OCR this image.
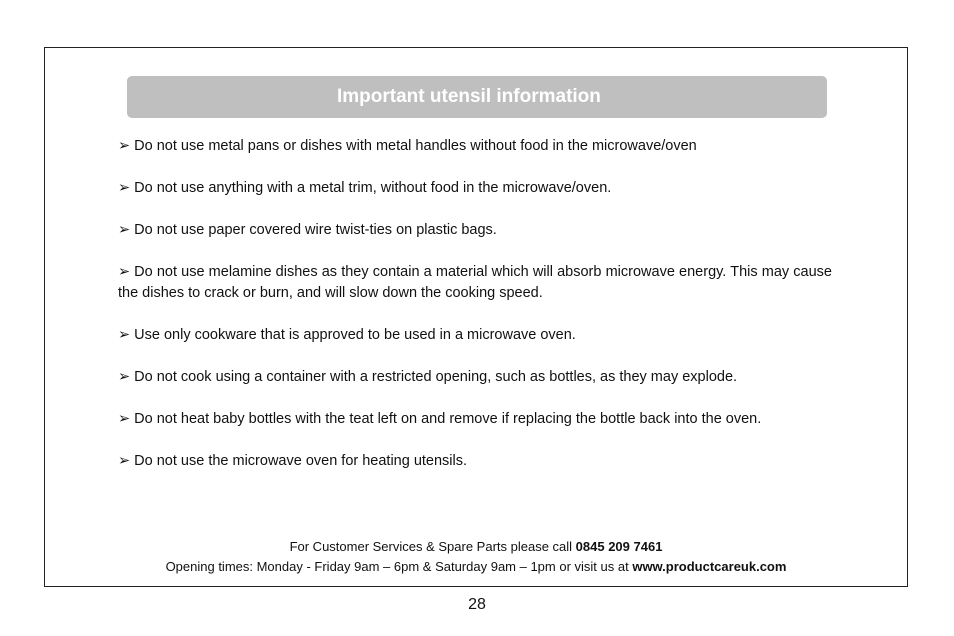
Important utensil information

➢ Do not use metal pans or dishes with metal handles without food in the microwave/oven

➢ Do not use anything with a metal trim, without food in the microwave/oven.

➢ Do not use paper covered wire twist-ties on plastic bags.

➢ Do not use melamine dishes as they contain a material which will absorb microwave energy. This may cause the dishes to crack or burn, and will slow down the cooking speed.

➢ Use only cookware that is approved to be used in a microwave oven.

➢ Do not cook using a container with a restricted opening, such as bottles, as they may explode.

➢ Do not heat baby bottles with the teat left on and remove if replacing the bottle back into the oven.

➢ Do not use the microwave oven for heating utensils.

For Customer Services & Spare Parts please call 0845 209 7461
Opening times: Monday - Friday 9am – 6pm & Saturday 9am – 1pm or visit us at www.productcareuk.com
28
